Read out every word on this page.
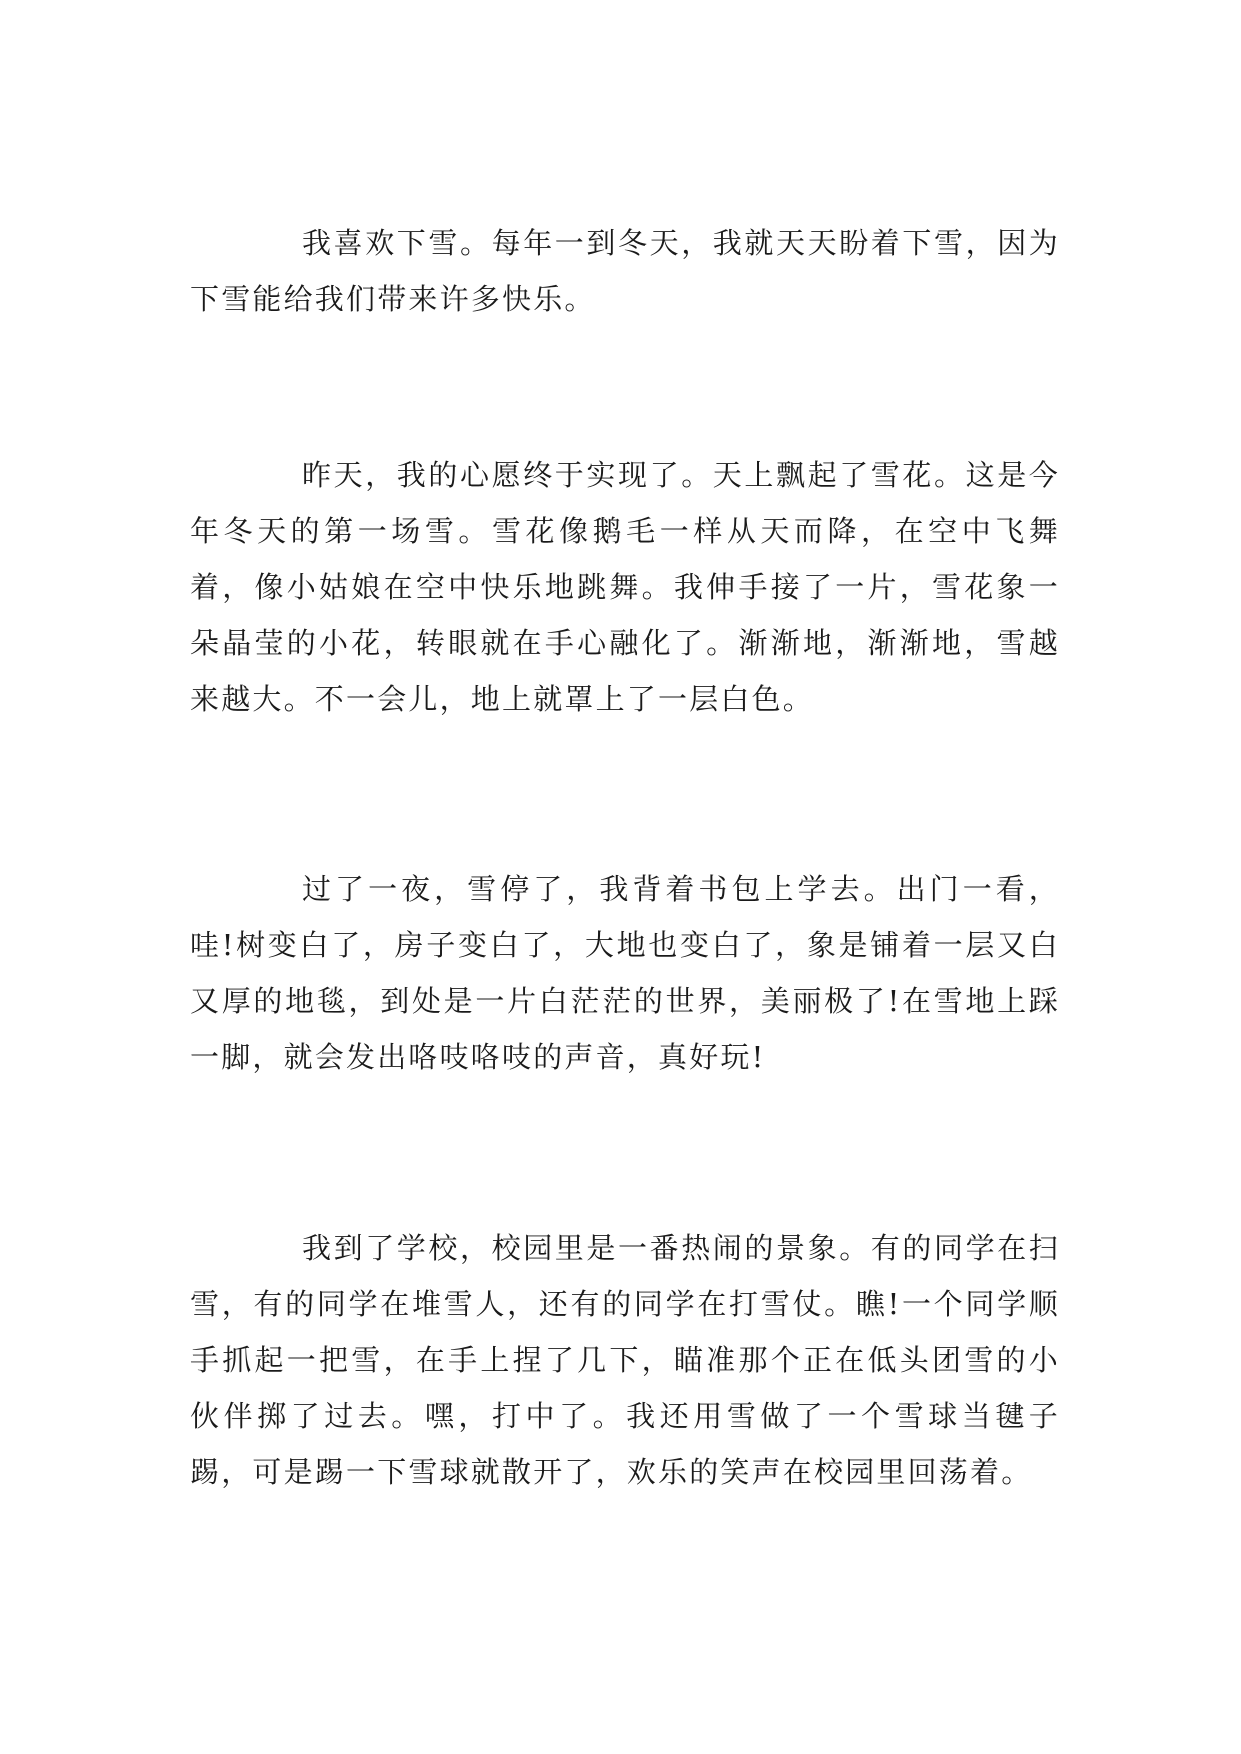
我喜欢下雪。每年一到冬天，我就天天盼着下雪，因为下雪能给我们带来许多快乐。

昨天，我的心愿终于实现了。天上飘起了雪花。这是今年冬天的第一场雪。雪花像鹅毛一样从天而降，在空中飞舞着，像小姑娘在空中快乐地跳舞。我伸手接了一片，雪花象一朵晶莹的小花，转眼就在手心融化了。渐渐地，渐渐地，雪越来越大。不一会儿，地上就罩上了一层白色。

过了一夜，雪停了，我背着书包上学去。出门一看，哇!树变白了，房子变白了，大地也变白了，象是铺着一层又白又厚的地毯，到处是一片白茫茫的世界，美丽极了!在雪地上踩一脚，就会发出咯吱咯吱的声音，真好玩!

我到了学校，校园里是一番热闹的景象。有的同学在扫雪，有的同学在堆雪人，还有的同学在打雪仗。瞧!一个同学顺手抓起一把雪，在手上捏了几下，瞄准那个正在低头团雪的小伙伴掷了过去。嘿，打中了。我还用雪做了一个雪球当毽子踢，可是踢一下雪球就散开了，欢乐的笑声在校园里回荡着。
